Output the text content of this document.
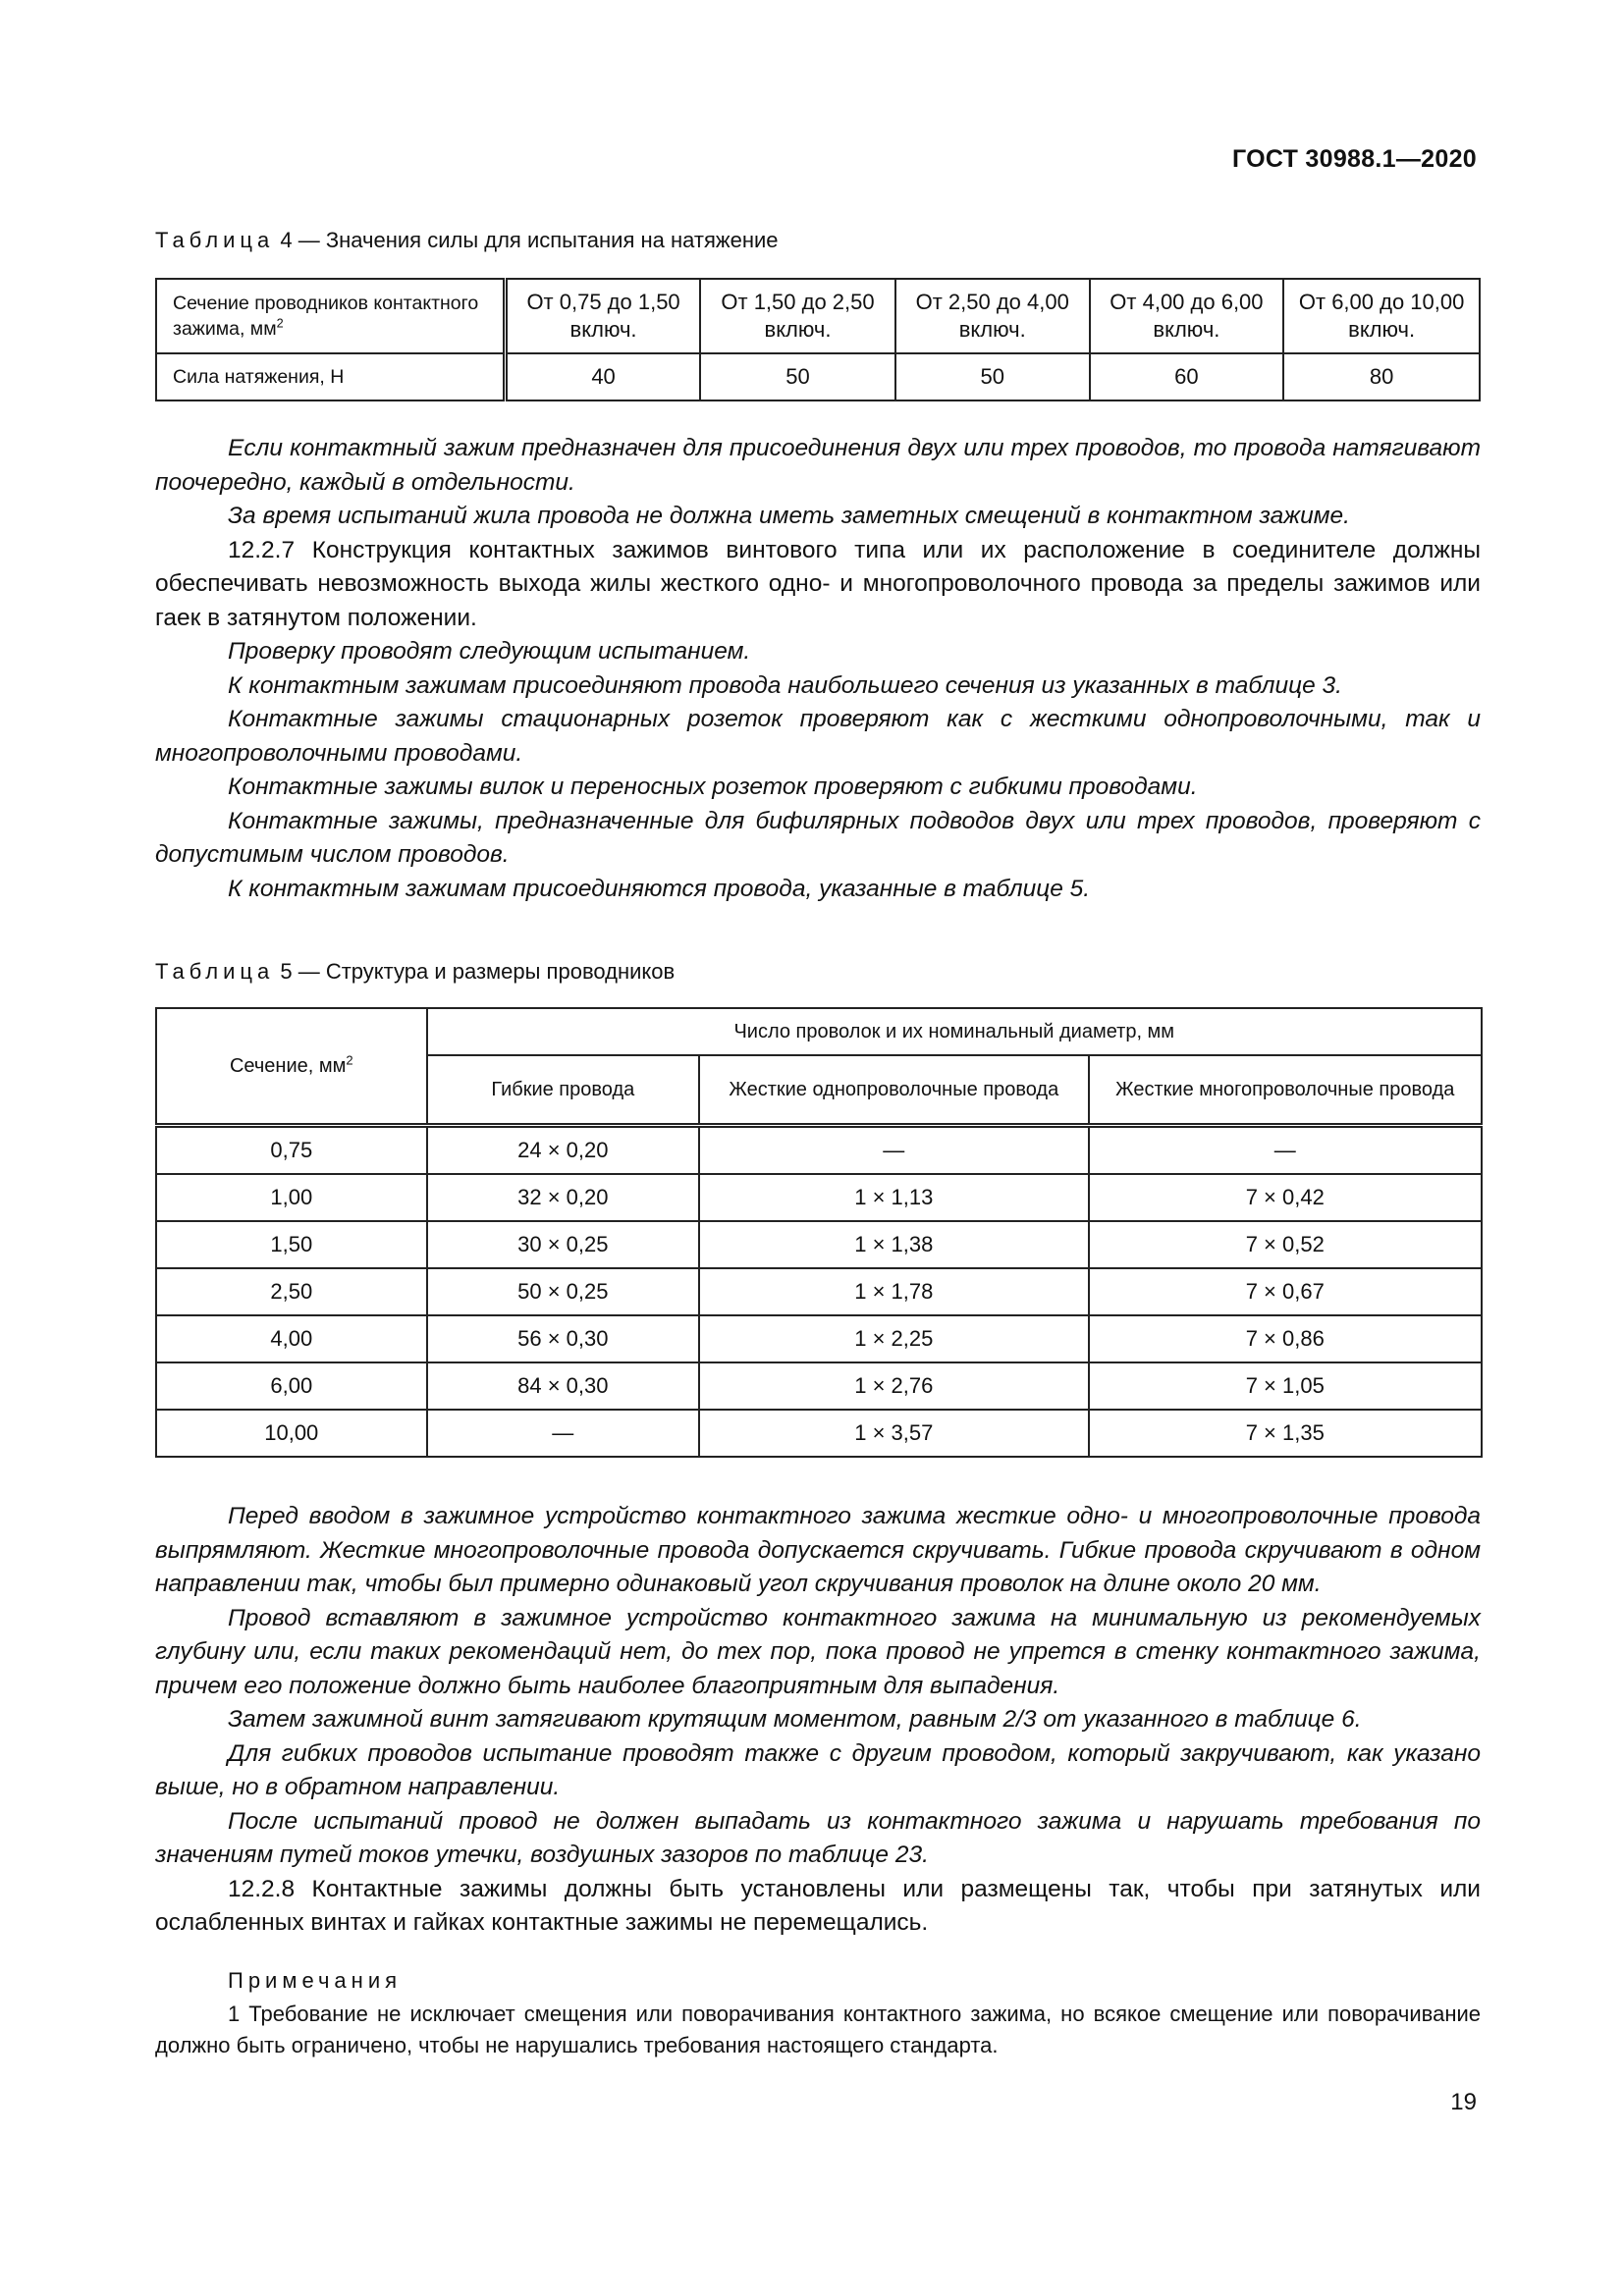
ГОСТ 30988.1—2020
Таблица 4 — Значения силы для испытания на натяжение
Сечение проводников контактного зажима, $мм^2$	От 0,75 до 1,50 включ.	От 1,50 до 2,50 включ.	От 2,50 до 4,00 включ.	От 4,00 до 6,00 включ.	От 6,00 до 10,00 включ.
Сила натяжения, Н	40	50	50	60	80

Если контактный зажим предназначен для присоединения двух или трех проводов, то провода натягивают поочередно, каждый в отдельности.

За время испытаний жила провода не должна иметь заметных смещений в контактном зажиме.

12.2.7 Конструкция контактных зажимов винтового типа или их расположение в соединителе должны обеспечивать невозможность выхода жилы жесткого одно- и многопроволочного провода за пределы зажимов или гаек в затянутом положении.

Проверку проводят следующим испытанием.

К контактным зажимам присоединяют провода наибольшего сечения из указанных в таблице 3.

Контактные зажимы стационарных розеток проверяют как с жесткими однопроволочными, так и многопроволочными проводами.

Контактные зажимы вилок и переносных розеток проверяют с гибкими проводами.

Контактные зажимы, предназначенные для бифилярных подводов двух или трех проводов, проверяют с допустимым числом проводов.

К контактным зажимам присоединяются провода, указанные в таблице 5.

Таблица 5 — Структура и размеры проводников
Сечение, $мм^2$	Число проволок и их номинальный диаметр, мм		
	Гибкие провода	Жесткие однопроволочные провода	Жесткие многопроволочные провода
0,75	24 × 0,20	—	—
1,00	32 × 0,20	1 × 1,13	7 × 0,42
1,50	30 × 0,25	1 × 1,38	7 × 0,52
2,50	50 × 0,25	1 × 1,78	7 × 0,67
4,00	56 × 0,30	1 × 2,25	7 × 0,86
6,00	84 × 0,30	1 × 2,76	7 × 1,05
10,00	—	1 × 3,57	7 × 1,35

Перед вводом в зажимное устройство контактного зажима жесткие одно- и многопроволочные провода выпрямляют. Жесткие многопроволочные провода допускается скручивать. Гибкие провода скручивают в одном направлении так, чтобы был примерно одинаковый угол скручивания проволок на длине около 20 мм.

Провод вставляют в зажимное устройство контактного зажима на минимальную из рекомендуемых глубину или, если таких рекомендаций нет, до тех пор, пока провод не упрется в стенку контактного зажима, причем его положение должно быть наиболее благоприятным для выпадения.

Затем зажимной винт затягивают крутящим моментом, равным 2/3 от указанного в таблице 6.

Для гибких проводов испытание проводят также с другим проводом, который закручивают, как указано выше, но в обратном направлении.

После испытаний провод не должен выпадать из контактного зажима и нарушать требования по значениям путей токов утечки, воздушных зазоров по таблице 23.

12.2.8 Контактные зажимы должны быть установлены или размещены так, чтобы при затянутых или ослабленных винтах и гайках контактные зажимы не перемещались.

Примечания

1 Требование не исключает смещения или поворачивания контактного зажима, но всякое смещение или поворачивание должно быть ограничено, чтобы не нарушались требования настоящего стандарта.

19
